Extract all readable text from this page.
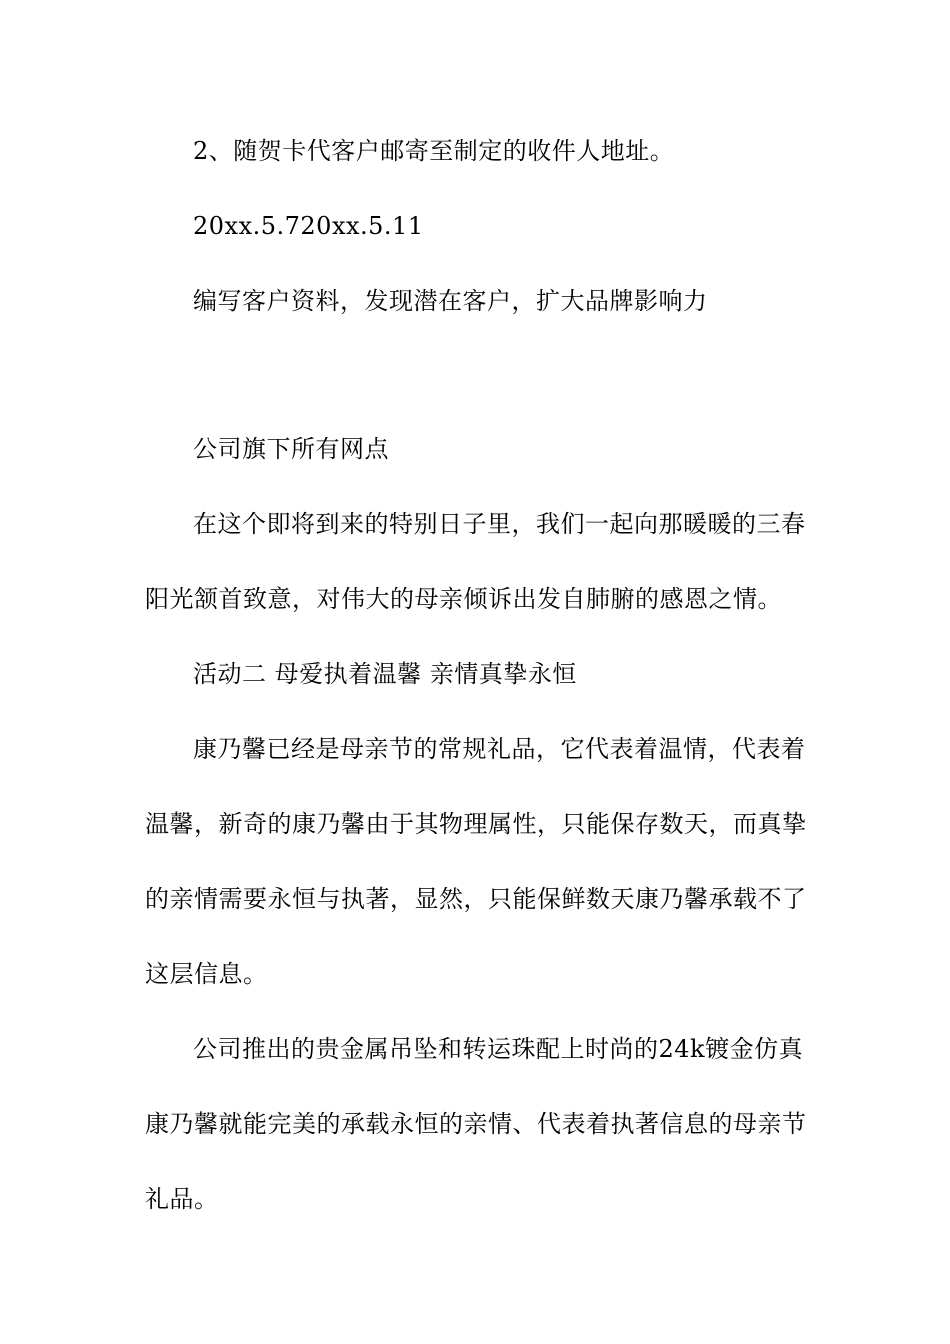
2、随贺卡代客户邮寄至制定的收件人地址。
20xx.5.720xx.5.11
编写客户资料，发现潜在客户，扩大品牌影响力
公司旗下所有网点
在这个即将到来的特别日子里，我们一起向那暖暖的三春
阳光颔首致意，对伟大的母亲倾诉出发自肺腑的感恩之情。
活动二 母爱执着温馨 亲情真挚永恒
康乃馨已经是母亲节的常规礼品，它代表着温情，代表着
温馨，新奇的康乃馨由于其物理属性，只能保存数天，而真挚
的亲情需要永恒与执著，显然，只能保鲜数天康乃馨承载不了
这层信息。
公司推出的贵金属吊坠和转运珠配上时尚的24k镀金仿真
康乃馨就能完美的承载永恒的亲情、代表着执著信息的母亲节
礼品。
